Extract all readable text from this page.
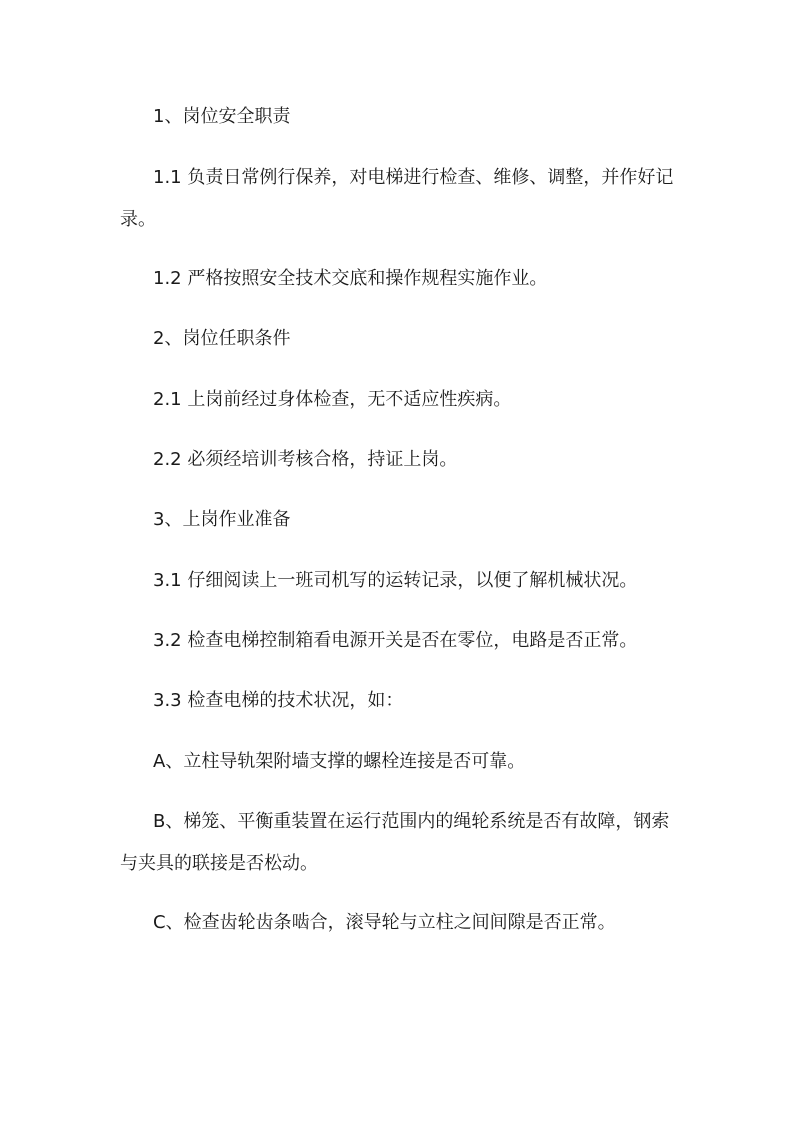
1、岗位安全职责

1.1 负责日常例行保养，对电梯进行检查、维修、调整，并作好记录。

1.2 严格按照安全技术交底和操作规程实施作业。

2、岗位任职条件

2.1 上岗前经过身体检查，无不适应性疾病。

2.2 必须经培训考核合格，持证上岗。

3、上岗作业准备

3.1 仔细阅读上一班司机写的运转记录，以便了解机械状况。

3.2 检查电梯控制箱看电源开关是否在零位，电路是否正常。

3.3 检查电梯的技术状况，如：

A、立柱导轨架附墙支撑的螺栓连接是否可靠。

B、梯笼、平衡重装置在运行范围内的绳轮系统是否有故障，钢索与夹具的联接是否松动。

C、检查齿轮齿条啮合，滚导轮与立柱之间间隙是否正常。
